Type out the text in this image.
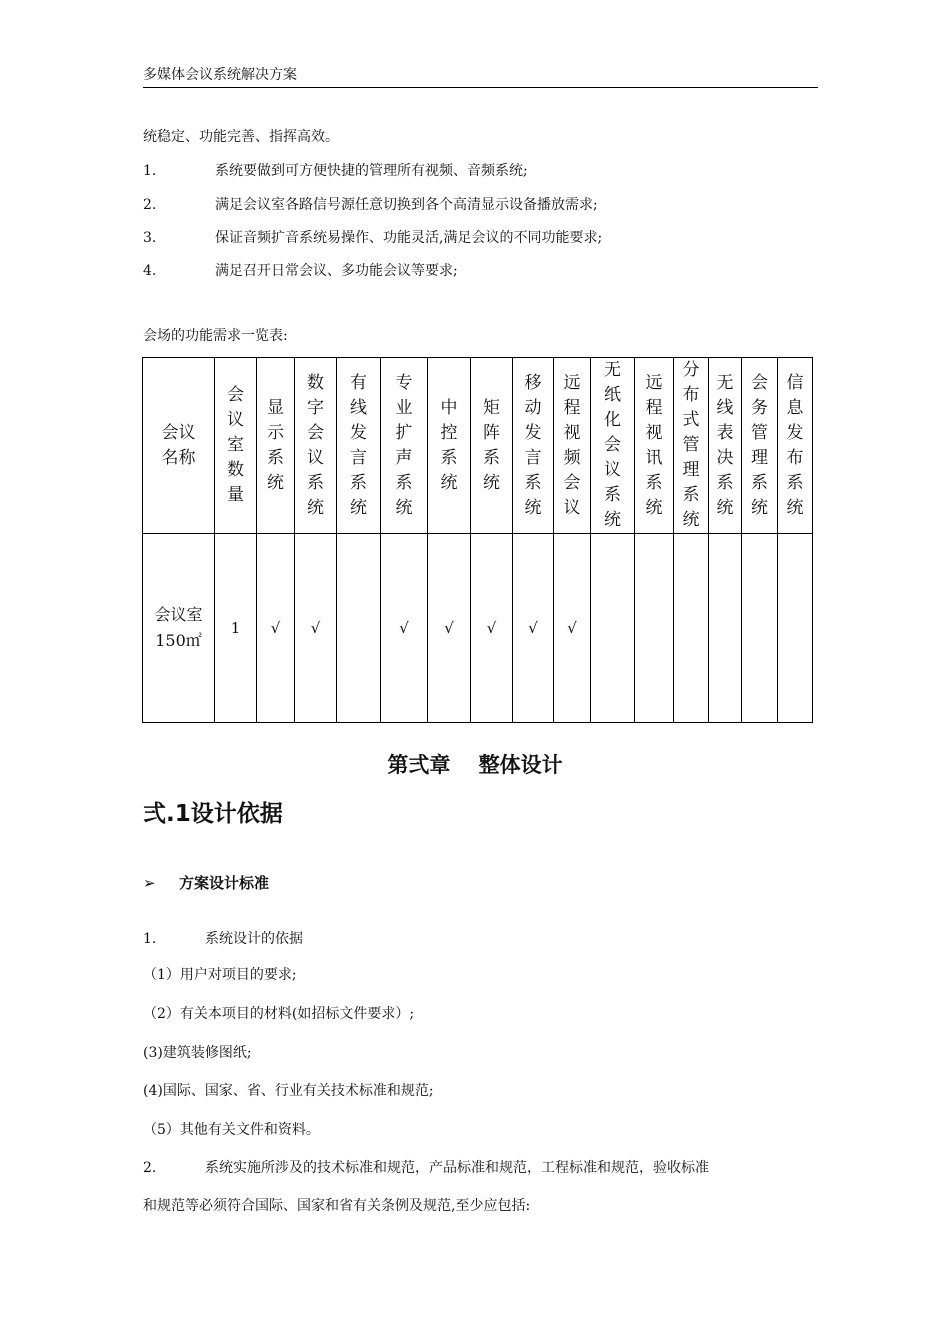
多媒体会议系统解决方案
统稳定、功能完善、指挥高效。
1.	系统要做到可方便快捷的管理所有视频、音频系统;
2.	满足会议室各路信号源任意切换到各个高清显示设备播放需求;
3.	保证音频扩音系统易操作、功能灵活,满足会议的不同功能要求;
4.	满足召开日常会议、多功能会议等要求;
会场的功能需求一览表:
会议名称	会议室数量	显示系统	数字会议系统	有线发言系统	专业扩声系统	中控系统	矩阵系统	移动发言系统	远程视频会议	无纸化会议系统	远程视讯系统	分布式管理系统	无线表决系统	会务管理系统	信息发布系统
会议室150㎡	1	√	√		√	√	√	√	√						
第弍章　 整体设计
弍.1设计依据
➢ 方案设计标准
1.	系统设计的依据
（1）用户对项目的要求;
（2）有关本项目的材料(如招标文件要求）;
(3)建筑装修图纸;
(4)国际、国家、省、行业有关技术标准和规范;
（5）其他有关文件和资料。
2.	系统实施所涉及的技术标准和规范，产品标准和规范，工程标准和规范，验收标准
和规范等必须符合国际、国家和省有关条例及规范,至少应包括:
